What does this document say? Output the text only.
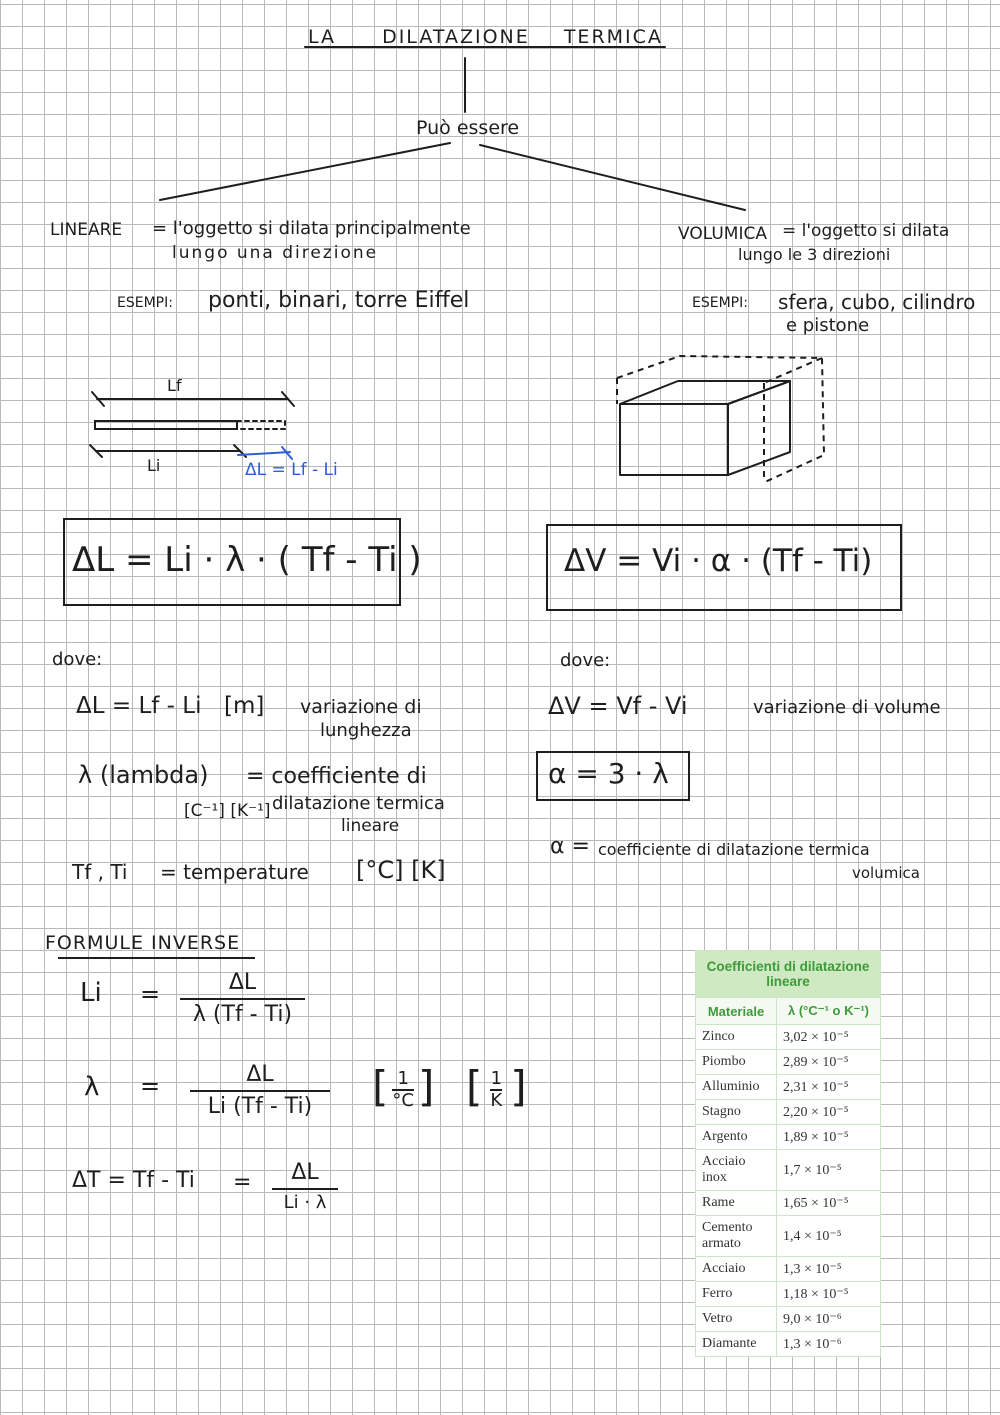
LA DILATAZIONE TERMICA
Può essere
LINEARE = l'oggetto si dilata principalmente
lungo una direzione
ESEMPI: ponti, binari, torre Eiffel
VOLUMICA = l'oggetto si dilata
lungo le 3 direzioni
ESEMPI: sfera, cubo, cilindro
e pistone
Lf
Li	ΔL = Lf - Li
ΔL = Li · λ · ( Tf - Ti )	ΔV = Vi · α · (Tf - Ti)
dove:
ΔL = Lf - Li [m] variazione di
lunghezza
λ (lambda) = coefficiente di
[C⁻¹] [K⁻¹] dilatazione termica
lineare
Tf , Ti = temperature [°C] [K]
dove:
ΔV = Vf - Vi	variazione di volume
α = 3 · λ
α = coefficiente di dilatazione termica
volumica
FORMULE INVERSE
Li =	ΔL
λ (Tf - Ti)
λ =	ΔL
Li (Tf - Ti)	[ $\frac{1}{^\circ C}$] [ $\frac{1}{K}$ ]
ΔT = Tf - Ti =	ΔL
Li · λ
Coefficienti di dilatazione lineare	
Materiale	λ (°C⁻¹ o K⁻¹)
Zinco	3,02 × 10⁻⁵
Piombo	2,89 × 10⁻⁵
Alluminio	2,31 × 10⁻⁵
Stagno	2,20 × 10⁻⁵
Argento	1,89 × 10⁻⁵
Acciaio inox	1,7 × 10⁻⁵
Rame	1,65 × 10⁻⁵
Cemento armato	1,4 × 10⁻⁵
Acciaio	1,3 × 10⁻⁵
Ferro	1,18 × 10⁻⁵
Vetro	9,0 × 10⁻⁶
Diamante	1,3 × 10⁻⁶
